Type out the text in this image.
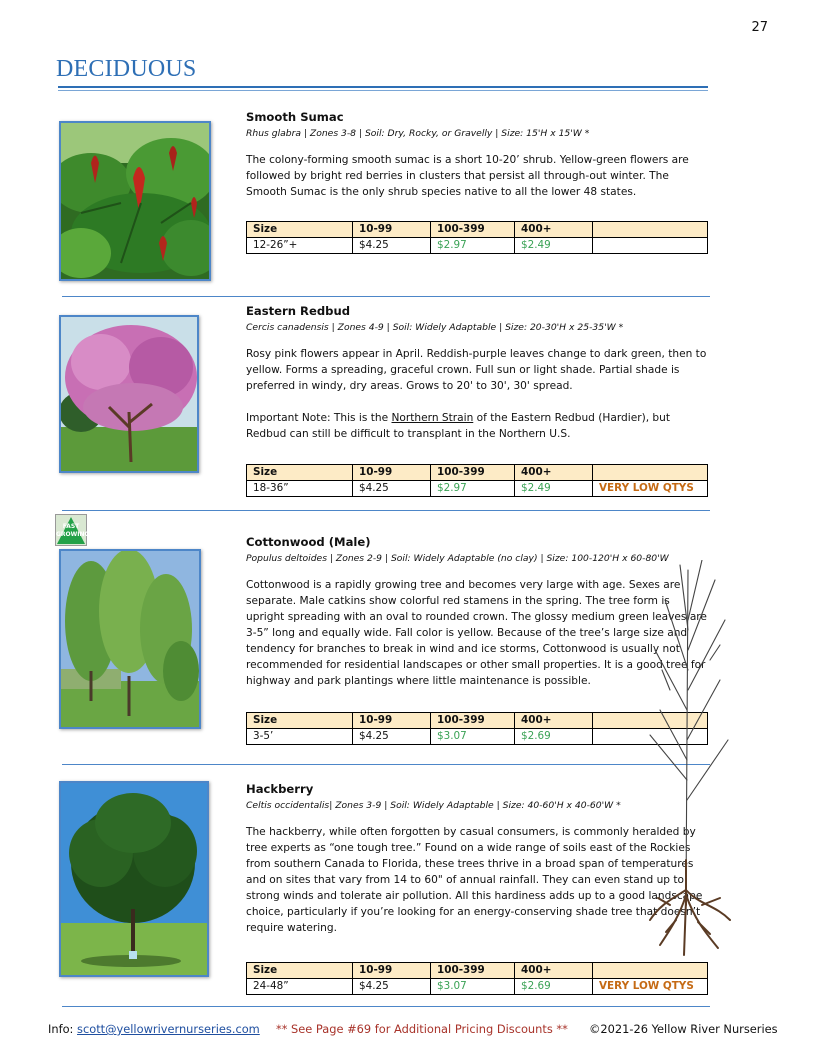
27
DECIDUOUS

Smooth Sumac

Rhus glabra | Zones 3-8 | Soil: Dry, Rocky, or Gravelly | Size: 15'H x 15'W *

The colony-forming smooth sumac is a short 10-20’ shrub. Yellow-green flowers are followed by bright red berries in clusters that persist all through-out winter. The Smooth Sumac is the only shrub species native to all the lower 48 states.

Size	10-99	100-399	400+	
12-26”+	$4.25	$2.97	$2.49	

Eastern Redbud

Cercis canadensis | Zones 4-9 | Soil: Widely Adaptable | Size: 20-30'H x 25-35'W *

Rosy pink flowers appear in April. Reddish-purple leaves change to dark green, then to yellow. Forms a spreading, graceful crown. Full sun or light shade. Partial shade is preferred in windy, dry areas. Grows to 20' to 30', 30' spread.

Important Note: This is the Northern Strain of the Eastern Redbud (Hardier), but Redbud can still be difficult to transplant in the Northern U.S.

Size	10-99	100-399	400+	
18-36”	$4.25	$2.97	$2.49	VERY LOW QTYS
FAST
GROWING

Cottonwood (Male)

Populus deltoides | Zones 2-9 | Soil: Widely Adaptable (no clay) | Size: 100-120'H x 60-80'W

Cottonwood is a rapidly growing tree and becomes very large with age. Sexes are separate. Male catkins show colorful red stamens in the spring. The tree form is upright spreading with an oval to rounded crown. The glossy medium green leaves are 3-5” long and equally wide. Fall color is yellow. Because of the tree’s large size and tendency for branches to break in wind and ice storms, Cottonwood is usually not recommended for residential landscapes or other small properties. It is a good tree for highway and park plantings where little maintenance is possible.

Size	10-99	100-399	400+	
3-5’	$4.25	$3.07	$2.69	

Hackberry

Celtis occidentalis| Zones 3-9 | Soil: Widely Adaptable | Size: 40-60'H x 40-60'W *

The hackberry, while often forgotten by casual consumers, is commonly heralded by tree experts as “one tough tree.” Found on a wide range of soils east of the Rockies from southern Canada to Florida, these trees thrive in a broad span of temperatures and on sites that vary from 14 to 60" of annual rainfall. They can even stand up to strong winds and tolerate air pollution. All this hardiness adds up to a good landscape choice, particularly if you’re looking for an energy-conserving shade tree that doesn’t require watering.

Size	10-99	100-399	400+	
24-48”	$4.25	$3.07	$2.69	VERY LOW QTYS
Info: scott@yellowrivernurseries.com ** See Page #69 for Additional Pricing Discounts ** ©2021-26 Yellow River Nurseries
